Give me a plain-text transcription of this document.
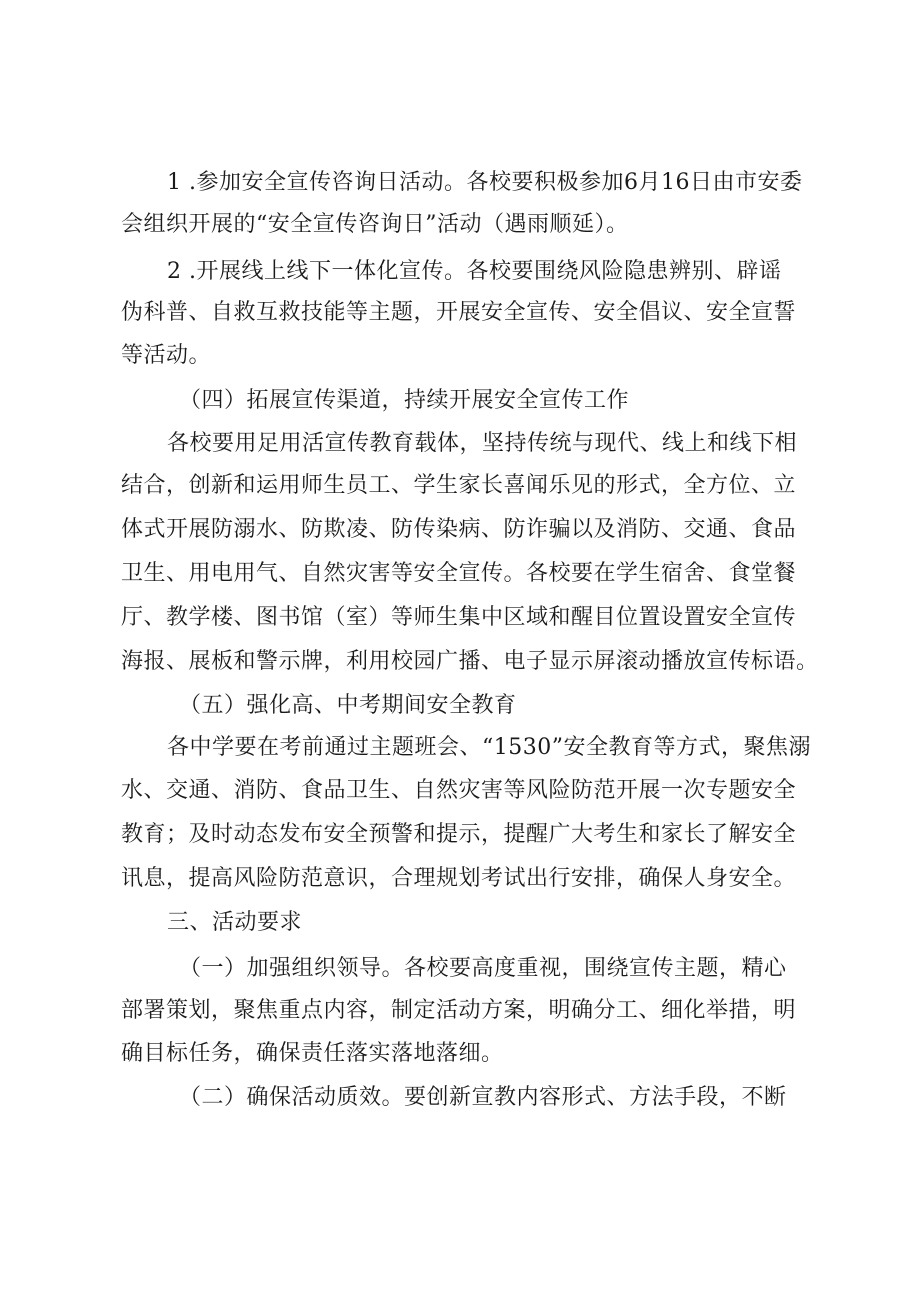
1 .参加安全宣传咨询日活动。各校要积极参加6月16日由市安委
会组织开展的“安全宣传咨询日”活动（遇雨顺延）。
2 .开展线上线下一体化宣传。各校要围绕风险隐患辨别、辟谣
伪科普、自救互救技能等主题，开展安全宣传、安全倡议、安全宣誓
等活动。
（四）拓展宣传渠道，持续开展安全宣传工作
各校要用足用活宣传教育载体，坚持传统与现代、线上和线下相
结合，创新和运用师生员工、学生家长喜闻乐见的形式，全方位、立
体式开展防溺水、防欺凌、防传染病、防诈骗以及消防、交通、食品
卫生、用电用气、自然灾害等安全宣传。各校要在学生宿舍、食堂餐
厅、教学楼、图书馆（室）等师生集中区域和醒目位置设置安全宣传
海报、展板和警示牌，利用校园广播、电子显示屏滚动播放宣传标语。
（五）强化高、中考期间安全教育
各中学要在考前通过主题班会、“1530”安全教育等方式，聚焦溺
水、交通、消防、食品卫生、自然灾害等风险防范开展一次专题安全
教育；及时动态发布安全预警和提示，提醒广大考生和家长了解安全
讯息，提高风险防范意识，合理规划考试出行安排，确保人身安全。
三、活动要求
（一）加强组织领导。各校要高度重视，围绕宣传主题，精心
部署策划，聚焦重点内容，制定活动方案，明确分工、细化举措，明
确目标任务，确保责任落实落地落细。
（二）确保活动质效。要创新宣教内容形式、方法手段，不断
